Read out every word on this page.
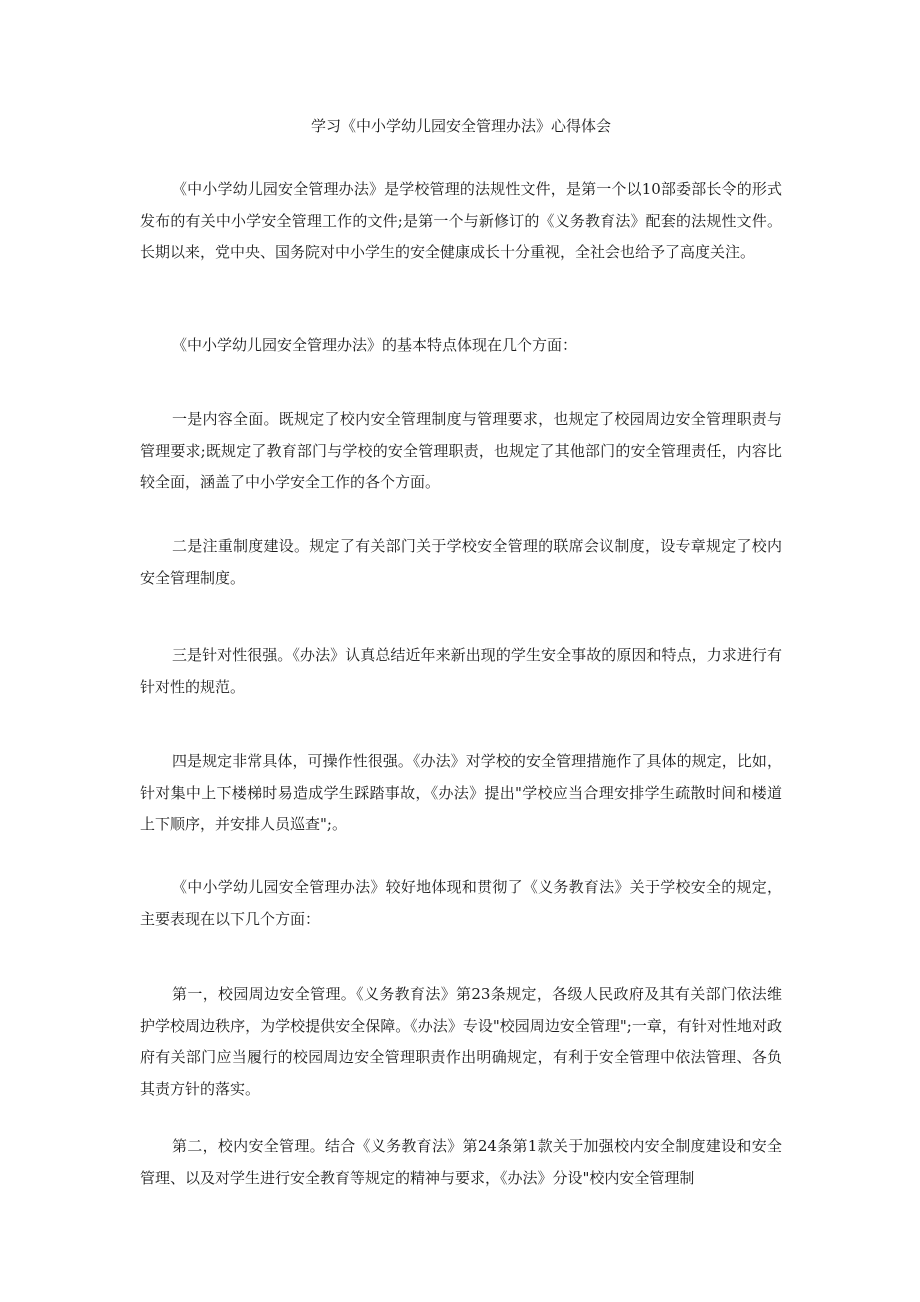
学习《中小学幼儿园安全管理办法》心得体会

《中小学幼儿园安全管理办法》是学校管理的法规性文件，是第一个以10部委部长令的形式发布的有关中小学安全管理工作的文件;是第一个与新修订的《义务教育法》配套的法规性文件。长期以来，党中央、国务院对中小学生的安全健康成长十分重视，全社会也给予了高度关注。

《中小学幼儿园安全管理办法》的基本特点体现在几个方面：

一是内容全面。既规定了校内安全管理制度与管理要求，也规定了校园周边安全管理职责与管理要求;既规定了教育部门与学校的安全管理职责，也规定了其他部门的安全管理责任，内容比较全面，涵盖了中小学安全工作的各个方面。

二是注重制度建设。规定了有关部门关于学校安全管理的联席会议制度，设专章规定了校内安全管理制度。

三是针对性很强。《办法》认真总结近年来新出现的学生安全事故的原因和特点，力求进行有针对性的规范。

四是规定非常具体，可操作性很强。《办法》对学校的安全管理措施作了具体的规定，比如，针对集中上下楼梯时易造成学生踩踏事故，《办法》提出"学校应当合理安排学生疏散时间和楼道上下顺序，并安排人员巡查";。

《中小学幼儿园安全管理办法》较好地体现和贯彻了《义务教育法》关于学校安全的规定，主要表现在以下几个方面：

第一，校园周边安全管理。《义务教育法》第23条规定，各级人民政府及其有关部门依法维护学校周边秩序，为学校提供安全保障。《办法》专设"校园周边安全管理";一章，有针对性地对政府有关部门应当履行的校园周边安全管理职责作出明确规定，有利于安全管理中依法管理、各负其责方针的落实。

第二，校内安全管理。结合《义务教育法》第24条第1款关于加强校内安全制度建设和安全管理、以及对学生进行安全教育等规定的精神与要求，《办法》分设"校内安全管理制
